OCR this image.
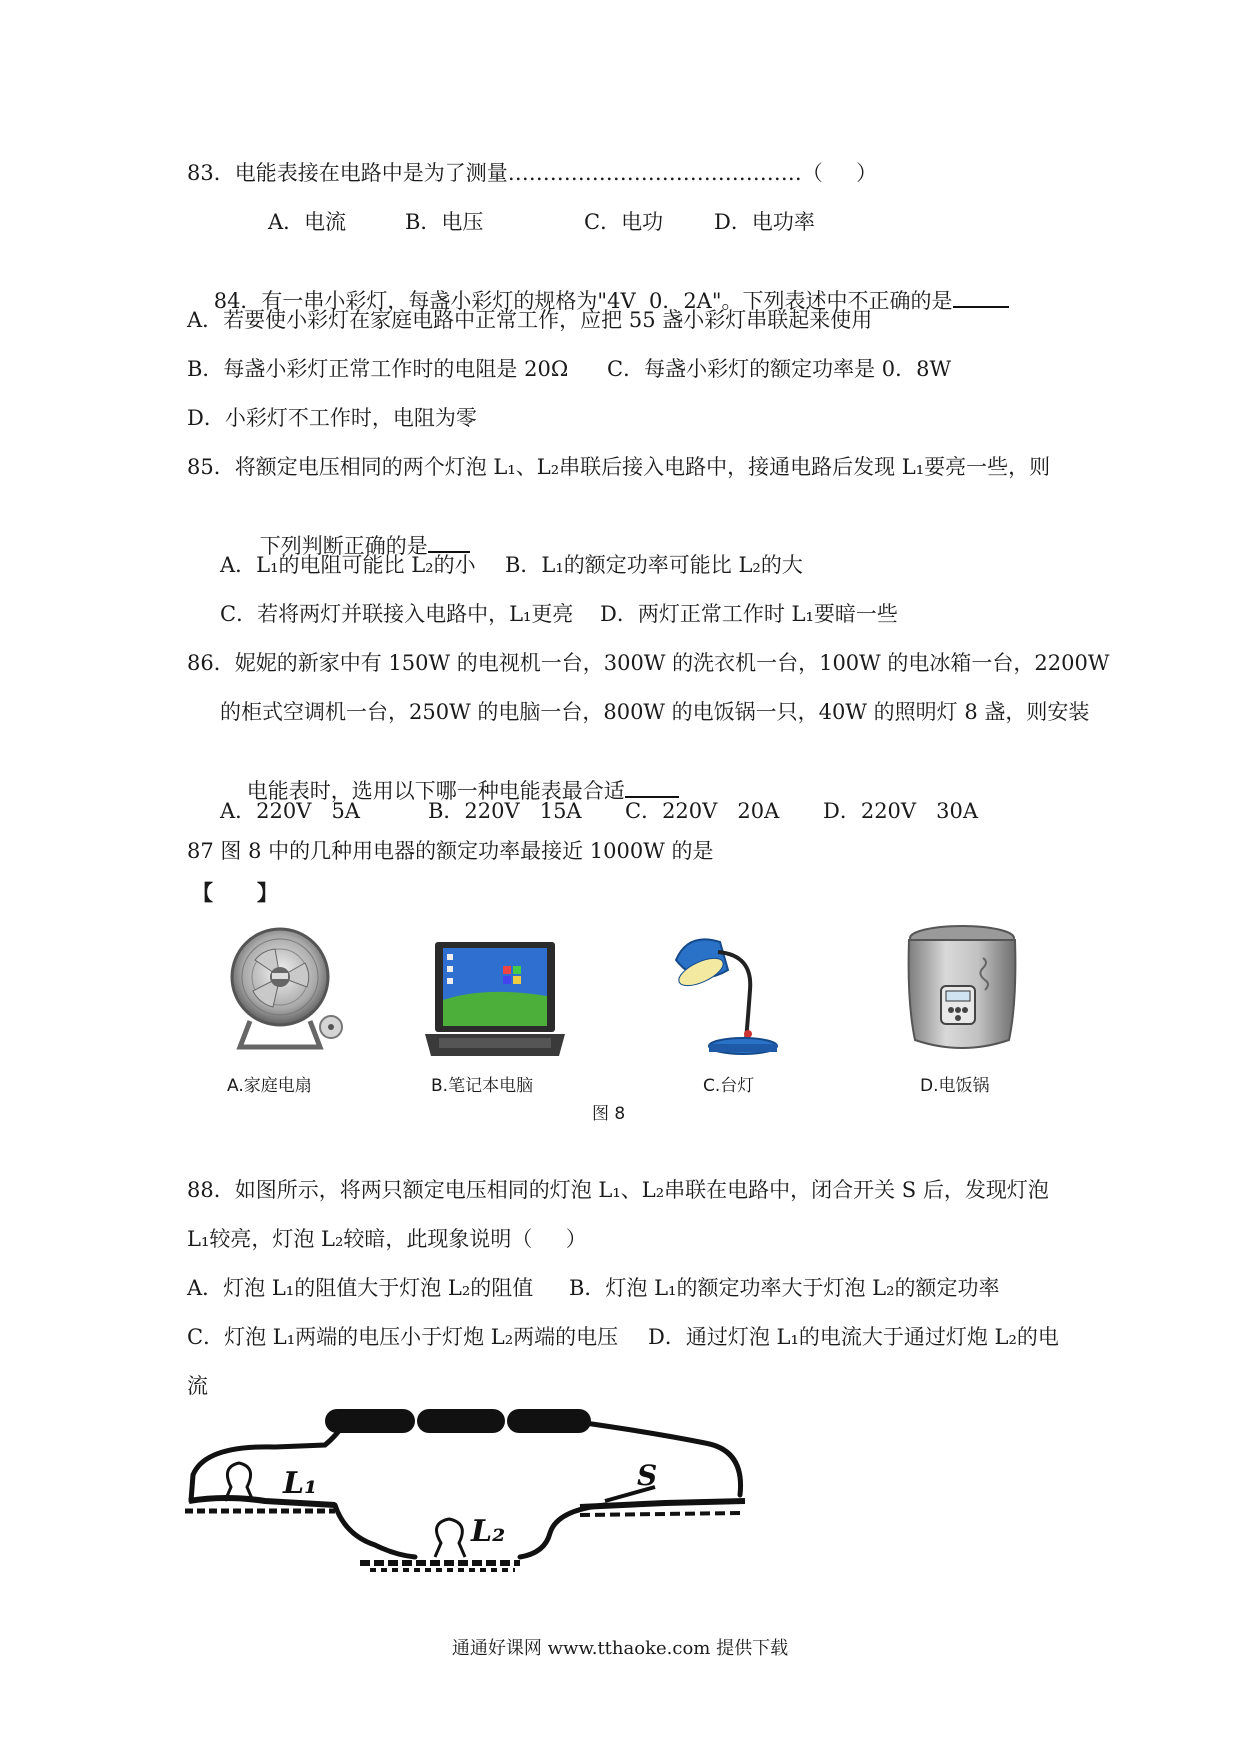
83．电能表接在电路中是为了测量……………………………………（     ）
A．电流	B．电压	C．电功 D．电功率

84．有一串小彩灯，每盏小彩灯的规格为"4V  0．2A"。下列表述中不正确的是

A．若要使小彩灯在家庭电路中正常工作，应把 55 盏小彩灯串联起来使用
B．每盏小彩灯正常工作时的电阻是 20Ω C．每盏小彩灯的额定功率是 0．8W
D．小彩灯不工作时，电阻为零
85．将额定电压相同的两个灯泡 L₁、L₂串联后接入电路中，接通电路后发现 L₁要亮一些，则

下列判断正确的是

A．L₁的电阻可能比 L₂的小 B．L₁的额定功率可能比 L₂的大
C．若将两灯并联接入电路中，L₁更亮 D．两灯正常工作时 L₁要暗一些
86．妮妮的新家中有 150W 的电视机一台，300W 的洗衣机一台，100W 的电冰箱一台，2200W
的柜式空调机一台，250W 的电脑一台，800W 的电饭锅一只，40W 的照明灯 8 盏，则安装

电能表时，选用以下哪一种电能表最合适

A．220V   5A	B．220V   15A C．220V   20A D．220V   30A
87 图 8 中的几种用电器的额定功率最接近 1000W 的是
【      】
A.家庭电扇	B.笔记本电脑	C.台灯	D.电饭锅
图 8
88．如图所示，将两只额定电压相同的灯泡 L₁、L₂串联在电路中，闭合开关 S 后，发现灯泡
L₁较亮，灯泡 L₂较暗，此现象说明（     ）
A．灯泡 L₁的阻值大于灯泡 L₂的阻值 B．灯泡 L₁的额定功率大于灯泡 L₂的额定功率
C．灯泡 L₁两端的电压小于灯炮 L₂两端的电压 D．通过灯泡 L₁的电流大于通过灯炮 L₂的电
流
L₁
L₂
S
通通好课网 www.tthaoke.com 提供下载
